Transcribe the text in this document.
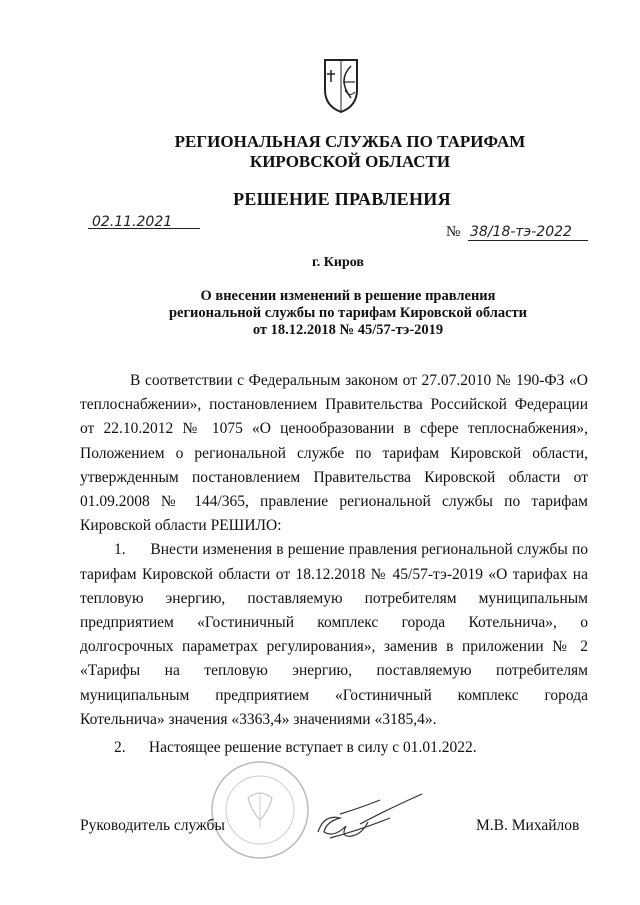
РЕГИОНАЛЬНАЯ СЛУЖБА ПО ТАРИФАМ
КИРОВСКОЙ ОБЛАСТИ
РЕШЕНИЕ ПРАВЛЕНИЯ
02.11.2021
№ 38/18-тэ-2022
г. Киров
О внесении изменений в решение правления
региональной службы по тарифам Кировской области
от 18.12.2018 № 45/57-тэ-2019

В соответствии с Федеральным законом от 27.07.2010 № 190-ФЗ «О теплоснабжении», постановлением Правительства Российской Федерации от 22.10.2012 № 1075 «О ценообразовании в сфере теплоснабжения», Положением о региональной службе по тарифам Кировской области, утвержденным постановлением Правительства Кировской области от 01.09.2008 № 144/365, правление региональной службы по тарифам Кировской области РЕШИЛО:

1. Внести изменения в решение правления региональной службы по тарифам Кировской области от 18.12.2018 № 45/57-тэ-2019 «О тарифах на тепловую энергию, поставляемую потребителям муниципальным предприятием «Гостиничный комплекс города Котельнича», о долгосрочных параметрах регулирования», заменив в приложении № 2 «Тарифы на тепловую энергию, поставляемую потребителям муниципальным предприятием «Гостиничный комплекс города Котельнича» значения «3363,4» значениями «3185,4».

2. Настоящее решение вступает в силу с 01.01.2022.

Руководитель службы	М.В. Михайлов
